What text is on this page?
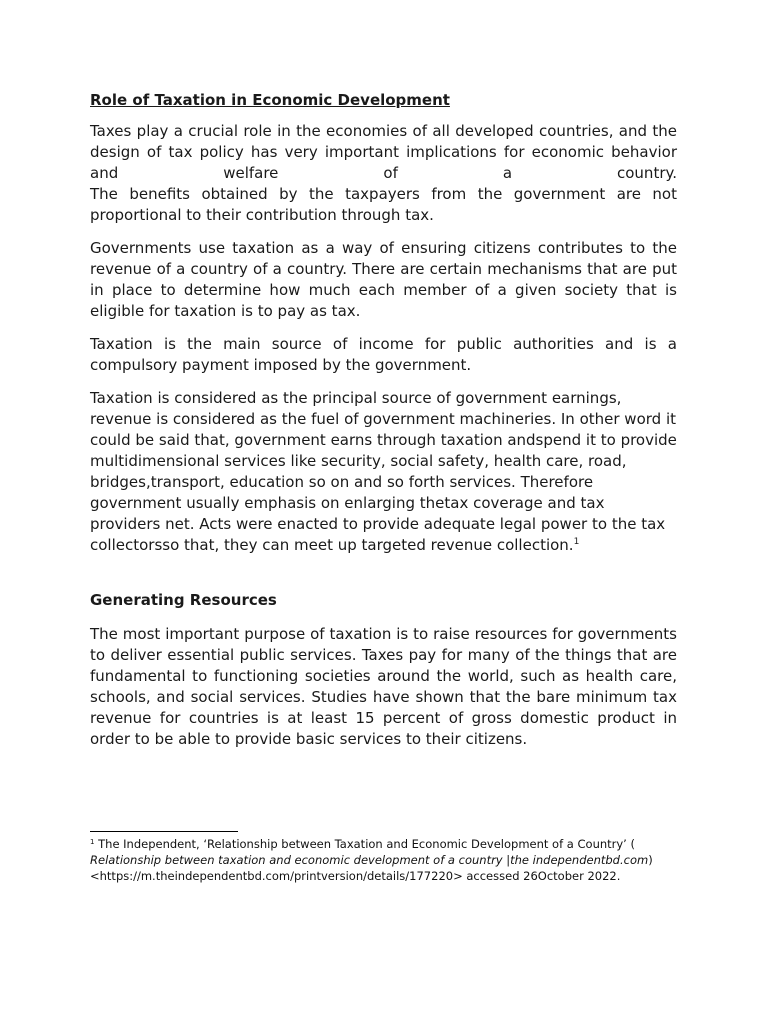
Role of Taxation in Economic Development

Taxes play a crucial role in the economies of all developed countries, and the design of tax policy has very important implications for economic behavior and welfare of a country.

The benefits obtained by the taxpayers from the government are not proportional to their contribution through tax.

Governments use taxation as a way of ensuring citizens contributes to the revenue of a country of a country. There are certain mechanisms that are put in place to determine how much each member of a given society that is eligible for taxation is to pay as tax.

Taxation is the main source of income for public authorities and is a compulsory payment imposed by the government.

Taxation is considered as the principal source of government earnings, revenue is considered as the fuel of government machineries. In other word it could be said that, government earns through taxation andspend it to provide multidimensional services like security, social safety, health care, road, bridges,transport, education so on and so forth services. Therefore government usually emphasis on enlarging thetax coverage and tax providers net. Acts were enacted to provide adequate legal power to the tax collectorsso that, they can meet up targeted revenue collection.$^1$

Generating Resources

The most important purpose of taxation is to raise resources for governments to deliver essential public services. Taxes pay for many of the things that are fundamental to functioning societies around the world, such as health care, schools, and social services. Studies have shown that the bare minimum tax revenue for countries is at least 15 percent of gross domestic product in order to be able to provide basic services to their citizens.

$^1$ The Independent, ‘Relationship between Taxation and Economic Development of a Country’ ( Relationship between taxation and economic development of a country |the independentbd.com) <https://m.theindependentbd.com/printversion/details/177220> accessed 26October 2022.
